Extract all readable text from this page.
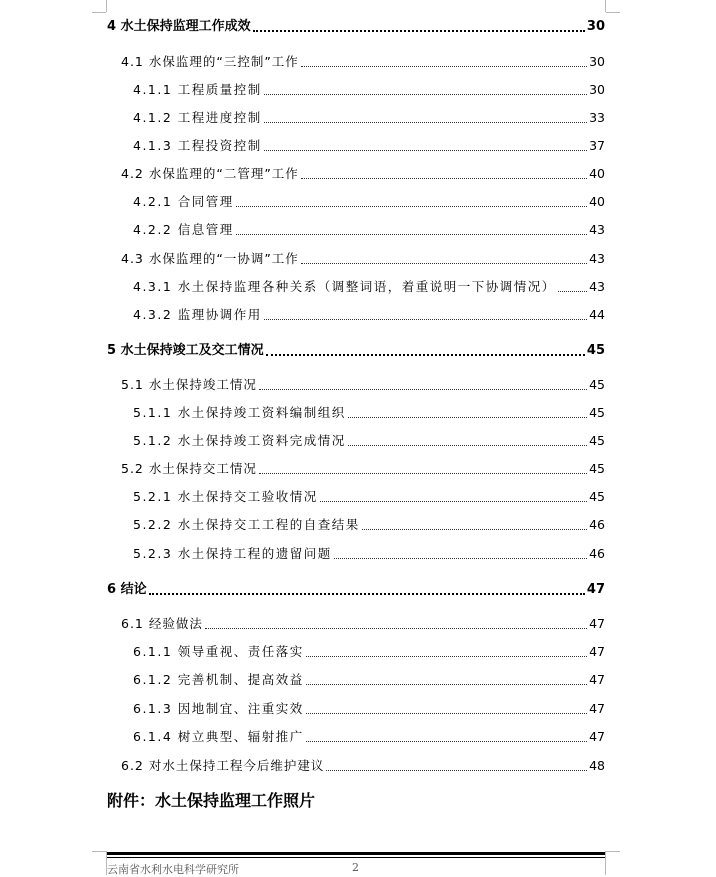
4 水土保持监理工作成效	30
4.1 水保监理的“三控制”工作	30
4.1.1 工程质量控制	30
4.1.2 工程进度控制	33
4.1.3 工程投资控制	37
4.2 水保监理的“二管理”工作	40
4.2.1 合同管理	40
4.2.2 信息管理	43
4.3 水保监理的“一协调”工作	43
4.3.1 水土保持监理各种关系（调整词语，着重说明一下协调情况）	43
4.3.2 监理协调作用	44
5 水土保持竣工及交工情况	45
5.1 水土保持竣工情况	45
5.1.1 水土保持竣工资料编制组织	45
5.1.2 水土保持竣工资料完成情况	45
5.2 水土保持交工情况	45
5.2.1 水土保持交工验收情况	45
5.2.2 水土保持交工工程的自查结果	46
5.2.3 水土保持工程的遗留问题	46
6 结论	47
6.1 经验做法	47
6.1.1 领导重视、责任落实	47
6.1.2 完善机制、提高效益	47
6.1.3 因地制宜、注重实效	47
6.1.4 树立典型、辐射推广	47
6.2 对水土保持工程今后维护建议	48
附件：水土保持监理工作照片
云南省水利水电科学研究所	2
